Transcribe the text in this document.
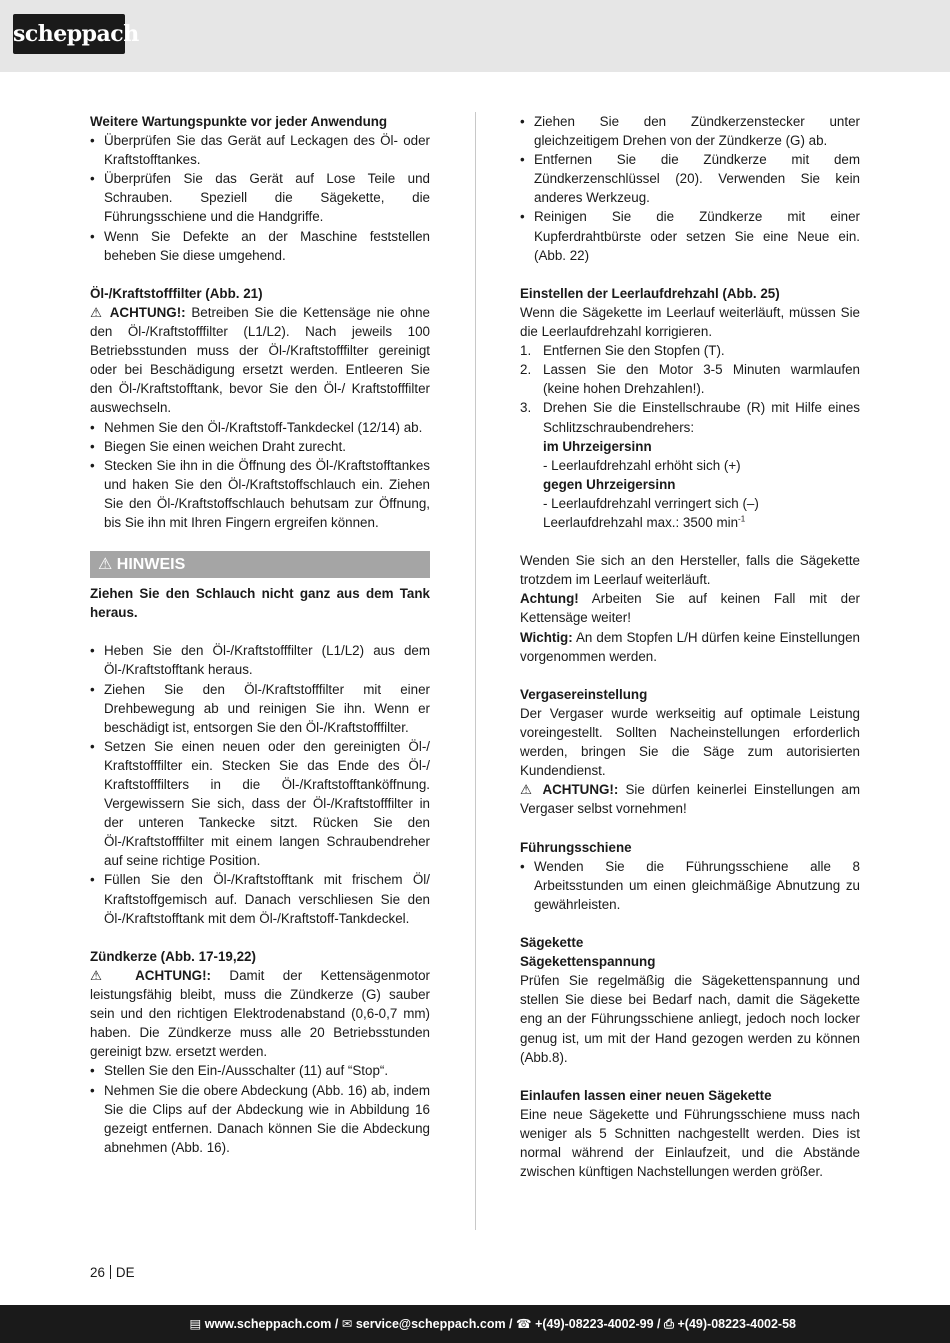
scheppach

Weitere Wartungspunkte vor jeder Anwendung

• Überprüfen Sie das Gerät auf Leckagen des Öl- oder Kraftstofftankes.
• Überprüfen Sie das Gerät auf Lose Teile und Schrauben. Speziell die Sägekette, die Führungsschiene und die Handgriffe.
• Wenn Sie Defekte an der Maschine feststellen beheben Sie diese umgehend.

Öl-/Kraftstofffilter (Abb. 21)

⚠ ACHTUNG!: Betreiben Sie die Kettensäge nie ohne den Öl-/Kraftstofffilter (L1/L2). Nach jeweils 100 Betriebsstunden muss der Öl-/Kraftstofffilter gereinigt oder bei Beschädigung ersetzt werden. Entleeren Sie den Öl-/Kraftstofftank, bevor Sie den Öl-/ Kraftstofffilter auswechseln.

• Nehmen Sie den Öl-/Kraftstoff-Tankdeckel (12/14) ab.
• Biegen Sie einen weichen Draht zurecht.
• Stecken Sie ihn in die Öffnung des Öl-/Kraftstofftankes und haken Sie den Öl-/Kraftstoffschlauch ein. Ziehen Sie den Öl-/Kraftstoffschlauch behutsam zur Öffnung, bis Sie ihn mit Ihren Fingern ergreifen können.
⚠ HINWEIS

Ziehen Sie den Schlauch nicht ganz aus dem Tank heraus.

• Heben Sie den Öl-/Kraftstofffilter (L1/L2) aus dem Öl-/Kraftstofftank heraus.
• Ziehen Sie den Öl-/Kraftstofffilter mit einer Drehbewegung ab und reinigen Sie ihn. Wenn er beschädigt ist, entsorgen Sie den Öl-/Kraftstofffilter.
• Setzen Sie einen neuen oder den gereinigten Öl-/ Kraftstofffilter ein. Stecken Sie das Ende des Öl-/ Kraftstofffilters in die Öl-/Kraftstofftanköffnung. Vergewissern Sie sich, dass der Öl-/Kraftstofffilter in der unteren Tankecke sitzt. Rücken Sie den Öl-/Kraftstofffilter mit einem langen Schraubendreher auf seine richtige Position.
• Füllen Sie den Öl-/Kraftstofftank mit frischem Öl/ Kraftstoffgemisch auf. Danach verschliesen Sie den Öl-/Kraftstofftank mit dem Öl-/Kraftstoff-Tankdeckel.

Zündkerze (Abb. 17-19,22)

⚠ ACHTUNG!: Damit der Kettensägenmotor leistungsfähig bleibt, muss die Zündkerze (G) sauber sein und den richtigen Elektrodenabstand (0,6-0,7 mm) haben. Die Zündkerze muss alle 20 Betriebsstunden gereinigt bzw. ersetzt werden.

• Stellen Sie den Ein-/Ausschalter (11) auf “Stop“.
• Nehmen Sie die obere Abdeckung (Abb. 16) ab, indem Sie die Clips auf der Abdeckung wie in Abbildung 16 gezeigt entfernen. Danach können Sie die Abdeckung abnehmen (Abb. 16).
• Ziehen Sie den Zündkerzenstecker unter gleichzeitigem Drehen von der Zündkerze (G) ab.
• Entfernen Sie die Zündkerze mit dem Zündkerzenschlüssel (20). Verwenden Sie kein anderes Werkzeug.
• Reinigen Sie die Zündkerze mit einer Kupferdrahtbürste oder setzen Sie eine Neue ein. (Abb. 22)

Einstellen der Leerlaufdrehzahl (Abb. 25)

Wenn die Sägekette im Leerlauf weiterläuft, müssen Sie die Leerlaufdrehzahl korrigieren.

1. Entfernen Sie den Stopfen (T).
2. Lassen Sie den Motor 3-5 Minuten warmlaufen (keine hohen Drehzahlen!).
3. Drehen Sie die Einstellschraube (R) mit Hilfe eines Schlitzschraubendrehers:
im Uhrzeigersinn
- Leerlaufdrehzahl erhöht sich (+)
gegen Uhrzeigersinn
- Leerlaufdrehzahl verringert sich (–)
Leerlaufdrehzahl max.: 3500 $\min^{-1}$

Wenden Sie sich an den Hersteller, falls die Sägekette trotzdem im Leerlauf weiterläuft.

Achtung! Arbeiten Sie auf keinen Fall mit der Kettensäge weiter!

Wichtig: An dem Stopfen L/H dürfen keine Einstellungen vorgenommen werden.

Vergasereinstellung

Der Vergaser wurde werkseitig auf optimale Leistung voreingestellt. Sollten Nacheinstellungen erforderlich werden, bringen Sie die Säge zum autorisierten Kundendienst.

⚠ ACHTUNG!: Sie dürfen keinerlei Einstellungen am Vergaser selbst vornehmen!

Führungsschiene

• Wenden Sie die Führungsschiene alle 8 Arbeitsstunden um einen gleichmäßige Abnutzung zu gewährleisten.

Sägekette

Sägekettenspannung

Prüfen Sie regelmäßig die Sägekettenspannung und stellen Sie diese bei Bedarf nach, damit die Sägekette eng an der Führungsschiene anliegt, jedoch noch locker genug ist, um mit der Hand gezogen werden zu können (Abb.8).

Einlaufen lassen einer neuen Sägekette

Eine neue Sägekette und Führungsschiene muss nach weniger als 5 Schnitten nachgestellt werden. Dies ist normal während der Einlaufzeit, und die Abstände zwischen künftigen Nachstellungen werden größer.

26 DE
▤ www.scheppach.com / ✉ service@scheppach.com / ☎ +(49)-08223-4002-99 / ⎙ +(49)-08223-4002-58
